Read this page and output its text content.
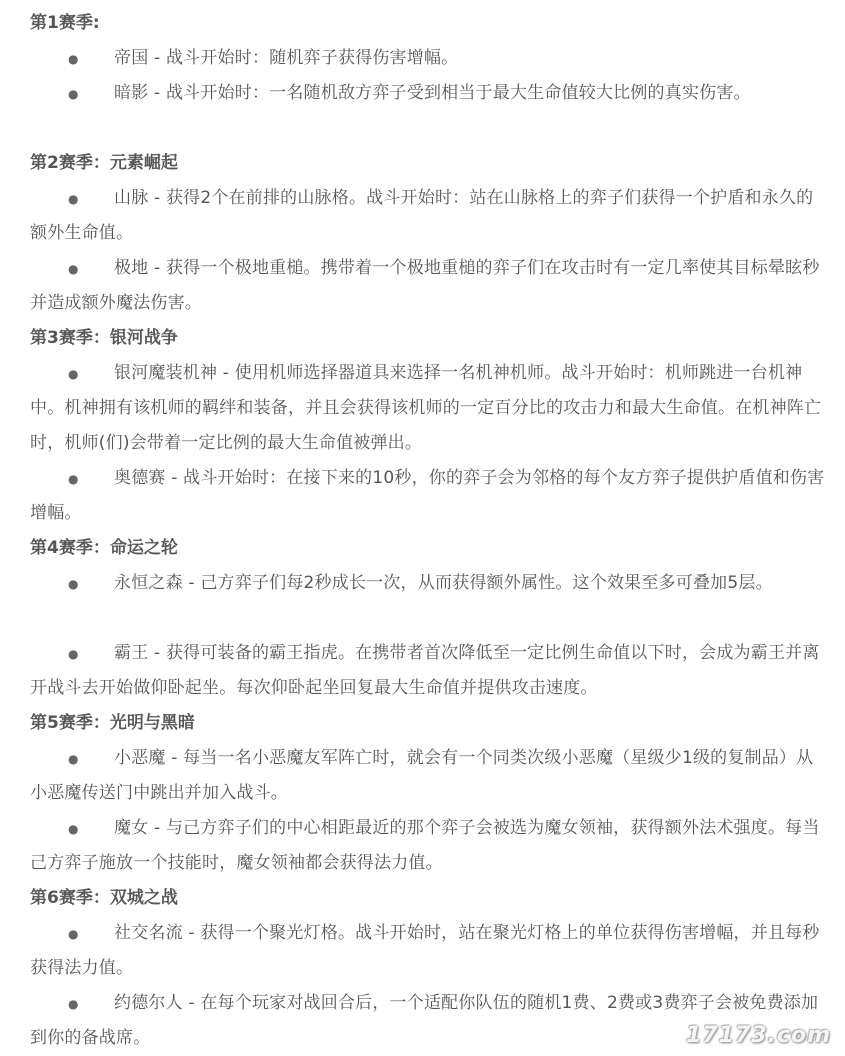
第1赛季:
●	帝国 - 战斗开始时：随机弈子获得伤害增幅。
●	暗影 - 战斗开始时：一名随机敌方弈子受到相当于最大生命值较大比例的真实伤害。
第2赛季：元素崛起
●	山脉 - 获得2个在前排的山脉格。战斗开始时：站在山脉格上的弈子们获得一个护盾和永久的额外生命值。
●	极地 - 获得一个极地重槌。携带着一个极地重槌的弈子们在攻击时有一定几率使其目标晕眩秒并造成额外魔法伤害。
第3赛季：银河战争
●	银河魔装机神 - 使用机师选择器道具来选择一名机神机师。战斗开始时：机师跳进一台机神中。机神拥有该机师的羁绊和装备，并且会获得该机师的一定百分比的攻击力和最大生命值。在机神阵亡时，机师(们)会带着一定比例的最大生命值被弹出。
●	奥德赛 - 战斗开始时：在接下来的10秒，你的弈子会为邻格的每个友方弈子提供护盾值和伤害增幅。
第4赛季：命运之轮
●	永恒之森 - 己方弈子们每2秒成长一次，从而获得额外属性。这个效果至多可叠加5层。
●	霸王 - 获得可装备的霸王指虎。在携带者首次降低至一定比例生命值以下时，会成为霸王并离开战斗去开始做仰卧起坐。每次仰卧起坐回复最大生命值并提供攻击速度。
第5赛季：光明与黑暗
●	小恶魔 - 每当一名小恶魔友军阵亡时，就会有一个同类次级小恶魔（星级少1级的复制品）从小恶魔传送门中跳出并加入战斗。
●	魔女 - 与己方弈子们的中心相距最近的那个弈子会被选为魔女领袖，获得额外法术强度。每当己方弈子施放一个技能时，魔女领袖都会获得法力值。
第6赛季：双城之战
●	社交名流 - 获得一个聚光灯格。战斗开始时，站在聚光灯格上的单位获得伤害增幅，并且每秒获得法力值。
●	约德尔人 - 在每个玩家对战回合后，一个适配你队伍的随机1费、2费或3费弈子会被免费添加到你的备战席。	17173.com
